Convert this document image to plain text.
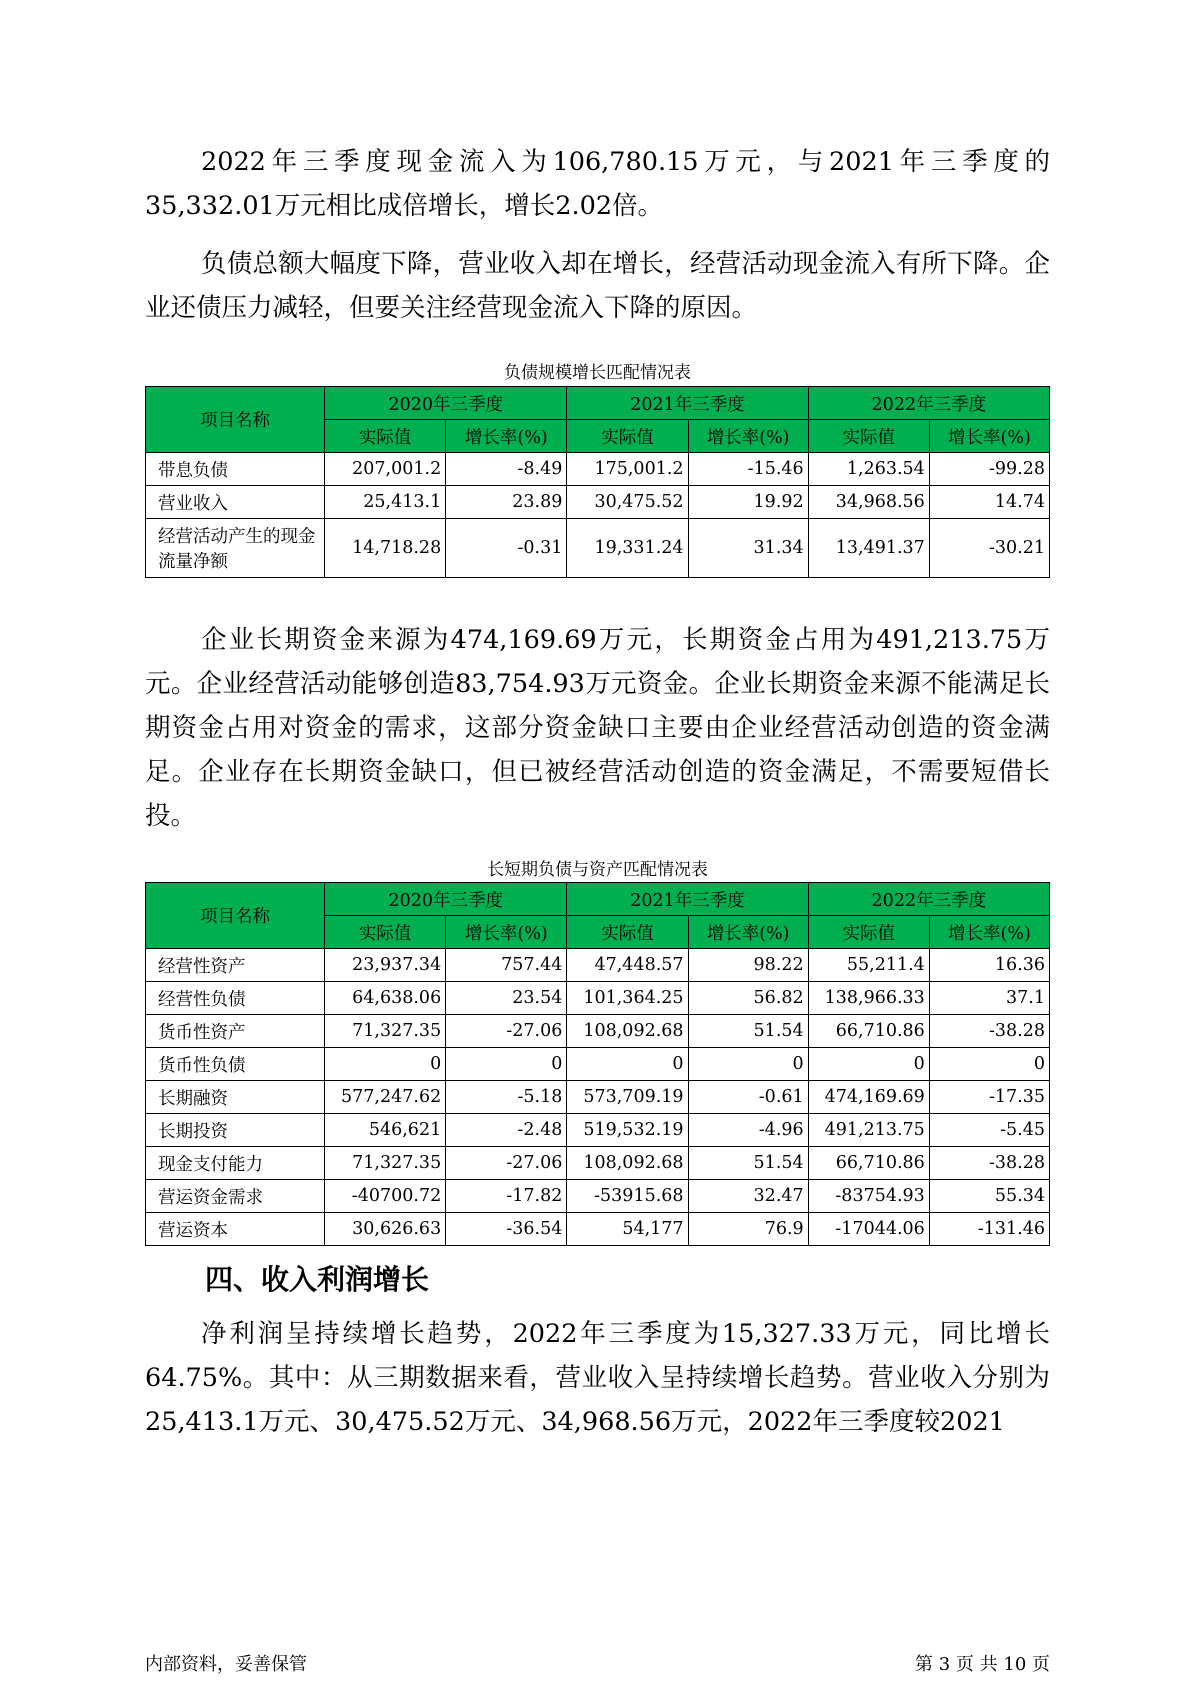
2022年三季度现金流入为106,780.15万元，与2021年三季度的35,332.01万元相比成倍增长，增长2.02倍。

负债总额大幅度下降，营业收入却在增长，经营活动现金流入有所下降。企业还债压力减轻，但要关注经营现金流入下降的原因。

负债规模增长匹配情况表
项目名称	2020年三季度		2021年三季度		2022年三季度	
	实际值	增长率(%)	实际值	增长率(%)	实际值	增长率(%)
带息负债	207,001.2	-8.49	175,001.2	-15.46	1,263.54	-99.28
营业收入	25,413.1	23.89	30,475.52	19.92	34,968.56	14.74
经营活动产生的现金流量净额	14,718.28	-0.31	19,331.24	31.34	13,491.37	-30.21

企业长期资金来源为474,169.69万元，长期资金占用为491,213.75万元。企业经营活动能够创造83,754.93万元资金。企业长期资金来源不能满足长期资金占用对资金的需求，这部分资金缺口主要由企业经营活动创造的资金满足。企业存在长期资金缺口，但已被经营活动创造的资金满足，不需要短借长投。

长短期负债与资产匹配情况表
项目名称	2020年三季度		2021年三季度		2022年三季度	
	实际值	增长率(%)	实际值	增长率(%)	实际值	增长率(%)
经营性资产	23,937.34	757.44	47,448.57	98.22	55,211.4	16.36
经营性负债	64,638.06	23.54	101,364.25	56.82	138,966.33	37.1
货币性资产	71,327.35	-27.06	108,092.68	51.54	66,710.86	-38.28
货币性负债	0	0	0	0	0	0
长期融资	577,247.62	-5.18	573,709.19	-0.61	474,169.69	-17.35
长期投资	546,621	-2.48	519,532.19	-4.96	491,213.75	-5.45
现金支付能力	71,327.35	-27.06	108,092.68	51.54	66,710.86	-38.28
营运资金需求	-40700.72	-17.82	-53915.68	32.47	-83754.93	55.34
营运资本	30,626.63	-36.54	54,177	76.9	-17044.06	-131.46
四、收入利润增长

净利润呈持续增长趋势，2022年三季度为15,327.33万元，同比增长64.75%。其中：从三期数据来看，营业收入呈持续增长趋势。营业收入分别为25,413.1万元、30,475.52万元、34,968.56万元，2022年三季度较2021

内部资料，妥善保管	第 3 页 共 10 页
